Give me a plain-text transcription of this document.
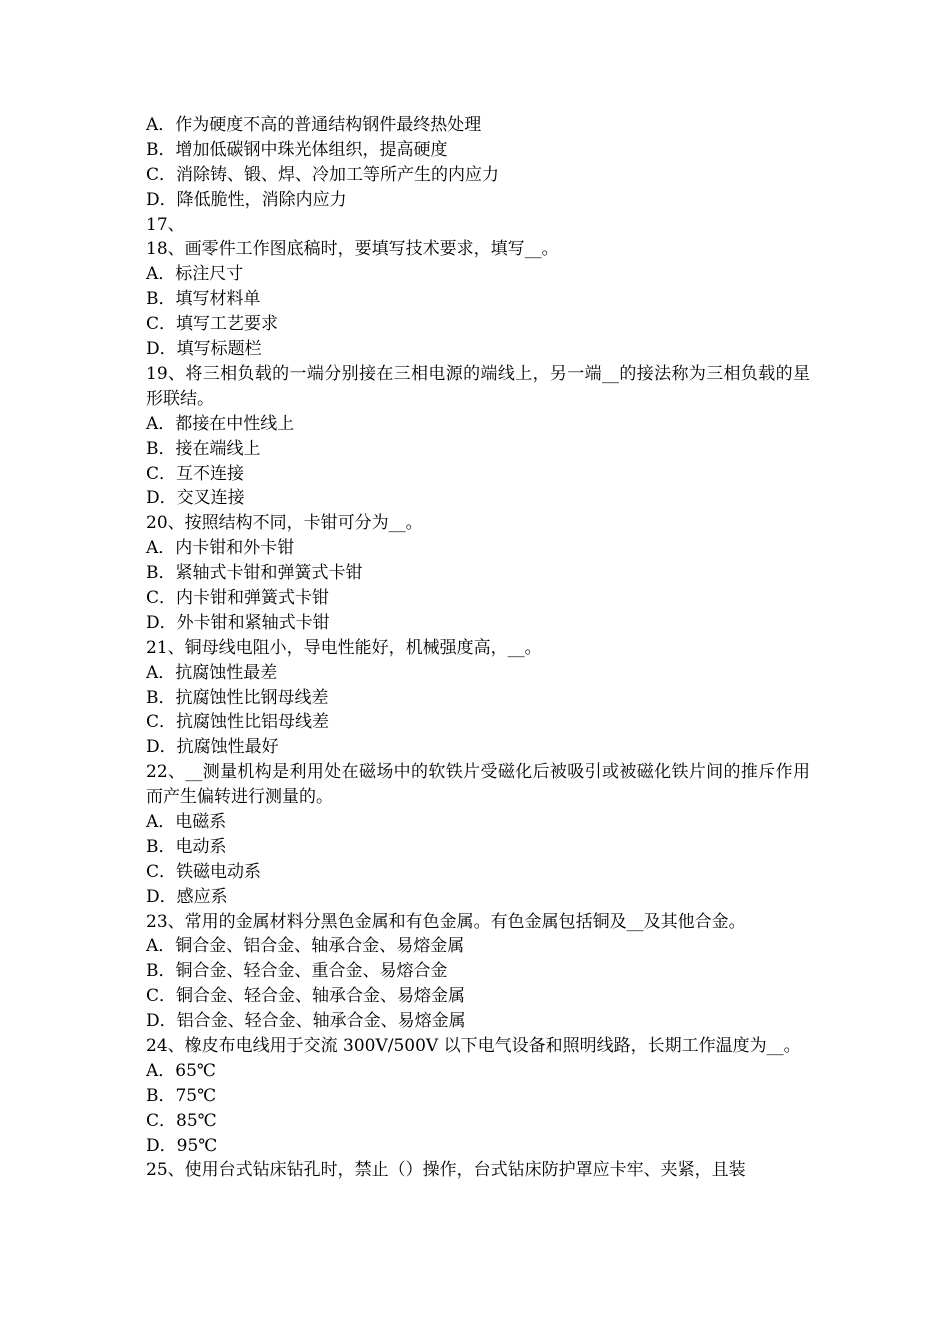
A．作为硬度不高的普通结构钢件最终热处理
B．增加低碳钢中珠光体组织，提高硬度
C．消除铸、锻、焊、冷加工等所产生的内应力
D．降低脆性，消除内应力
17、
18、画零件工作图底稿时，要填写技术要求，填写__。
A．标注尺寸
B．填写材料单
C．填写工艺要求
D．填写标题栏
19、将三相负载的一端分别接在三相电源的端线上，另一端__的接法称为三相负载的星形联结。
A．都接在中性线上
B．接在端线上
C．互不连接
D．交叉连接
20、按照结构不同，卡钳可分为__。
A．内卡钳和外卡钳
B．紧轴式卡钳和弹簧式卡钳
C．内卡钳和弹簧式卡钳
D．外卡钳和紧轴式卡钳
21、铜母线电阻小，导电性能好，机械强度高，__。
A．抗腐蚀性最差
B．抗腐蚀性比钢母线差
C．抗腐蚀性比铝母线差
D．抗腐蚀性最好
22、__测量机构是利用处在磁场中的软铁片受磁化后被吸引或被磁化铁片间的推斥作用而产生偏转进行测量的。
A．电磁系
B．电动系
C．铁磁电动系
D．感应系
23、常用的金属材料分黑色金属和有色金属。有色金属包括铜及__及其他合金。
A．铜合金、铝合金、轴承合金、易熔金属
B．铜合金、轻合金、重合金、易熔合金
C．铜合金、轻合金、轴承合金、易熔金属
D．铝合金、轻合金、轴承合金、易熔金属
24、橡皮布电线用于交流 300V/500V 以下电气设备和照明线路，长期工作温度为__。
A．65℃
B．75℃
C．85℃
D．95℃
25、使用台式钻床钻孔时，禁止（）操作，台式钻床防护罩应卡牢、夹紧，且装
